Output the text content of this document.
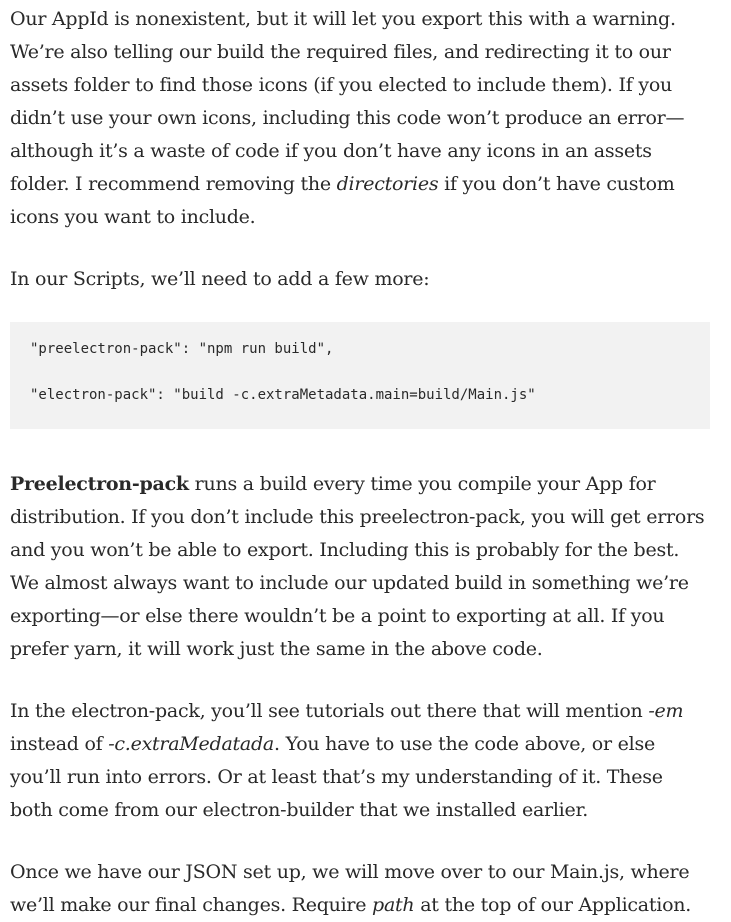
Our AppId is nonexistent, but it will let you export this with a warning. We’re also telling our build the required files, and redirecting it to our assets folder to find those icons (if you elected to include them). If you didn’t use your own icons, including this code won’t produce an error—although it’s a waste of code if you don’t have any icons in an assets folder. I recommend removing the directories if you don’t have custom icons you want to include.

In our Scripts, we’ll need to add a few more:

"preelectron-pack": "npm run build",
"electron-pack": "build -c.extraMetadata.main=build/Main.js"

Preelectron-pack runs a build every time you compile your App for distribution. If you don’t include this preelectron-pack, you will get errors and you won’t be able to export. Including this is probably for the best. We almost always want to include our updated build in something we’re exporting—or else there wouldn’t be a point to exporting at all. If you prefer yarn, it will work just the same in the above code.

In the electron-pack, you’ll see tutorials out there that will mention -em instead of -c.extraMedatada. You have to use the code above, or else you’ll run into errors. Or at least that’s my understanding of it. These both come from our electron-builder that we installed earlier.

Once we have our JSON set up, we will move over to our Main.js, where we’ll make our final changes. Require path at the top of our Application.
